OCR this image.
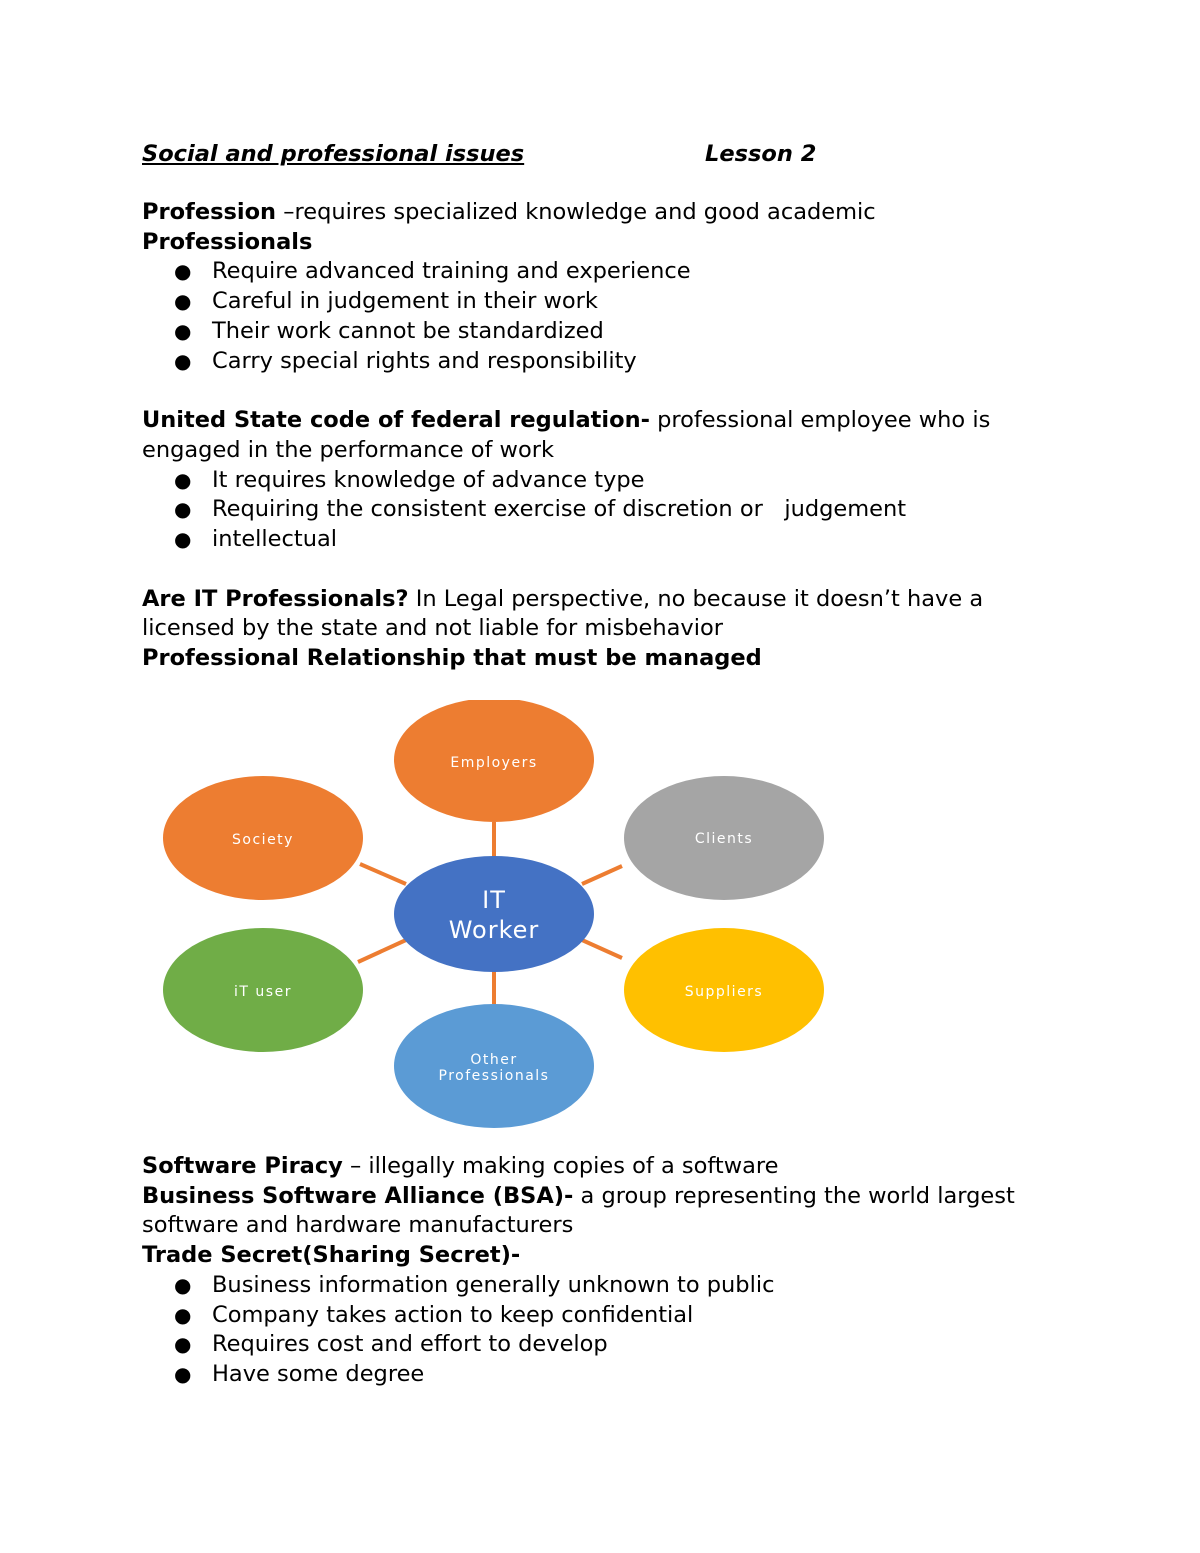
Social and professional issues	Lesson 2
Profession –requires specialized knowledge and good academic
Professionals
● Require advanced training and experience
● Careful in judgement in their work
● Their work cannot be standardized
● Carry special rights and responsibility
United State code of federal regulation- professional employee who is engaged in the performance of work
● It requires knowledge of advance type
● Requiring the consistent exercise of discretion or   judgement
● intellectual
Are IT Professionals? In Legal perspective, no because it doesn’t have a licensed by the state and not liable for misbehavior
Professional Relationship that must be managed
Employers
Clients
Suppliers
Other
Professionals
iT user
Society
IT
Worker
Software Piracy – illegally making copies of a software
Business Software Alliance (BSA)- a group representing the world largest software and hardware manufacturers
Trade Secret(Sharing Secret)-
● Business information generally unknown to public
● Company takes action to keep confidential
● Requires cost and effort to develop
● Have some degree
